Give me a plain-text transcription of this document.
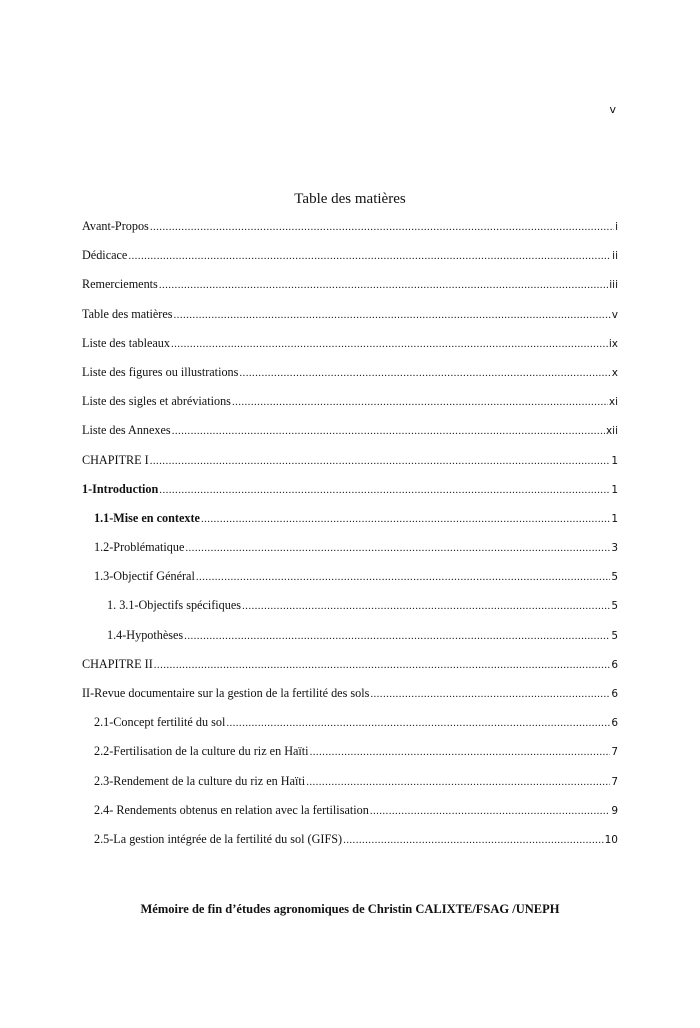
v
Table des matières
Avant-Propos .....	i
Dédicace .....	ii
Remerciements .....	iii
Table des matières .....	v
Liste des tableaux .....	ix
Liste des figures ou illustrations .....	x
Liste des sigles et abréviations .....	xi
Liste des Annexes .....	xii
CHAPITRE I .....	1
1-Introduction .....	1
1.1-Mise en contexte .....	1
1.2-Problématique .....	3
1.3-Objectif Général .....	5
1. 3.1-Objectifs spécifiques .....	5
1.4-Hypothèses .....	5
CHAPITRE II .....	6
II-Revue documentaire sur la gestion de la fertilité des sols .....	6
2.1-Concept fertilité du sol .....	6
2.2-Fertilisation de la culture du riz en Haïti .....	7
2.3-Rendement de la culture du riz en Haïti .....	7
2.4- Rendements obtenus en relation avec la fertilisation .....	9
2.5-La gestion intégrée de la fertilité du sol (GIFS) .....	10
Mémoire de fin d’études agronomiques de Christin CALIXTE/FSAG /UNEPH
